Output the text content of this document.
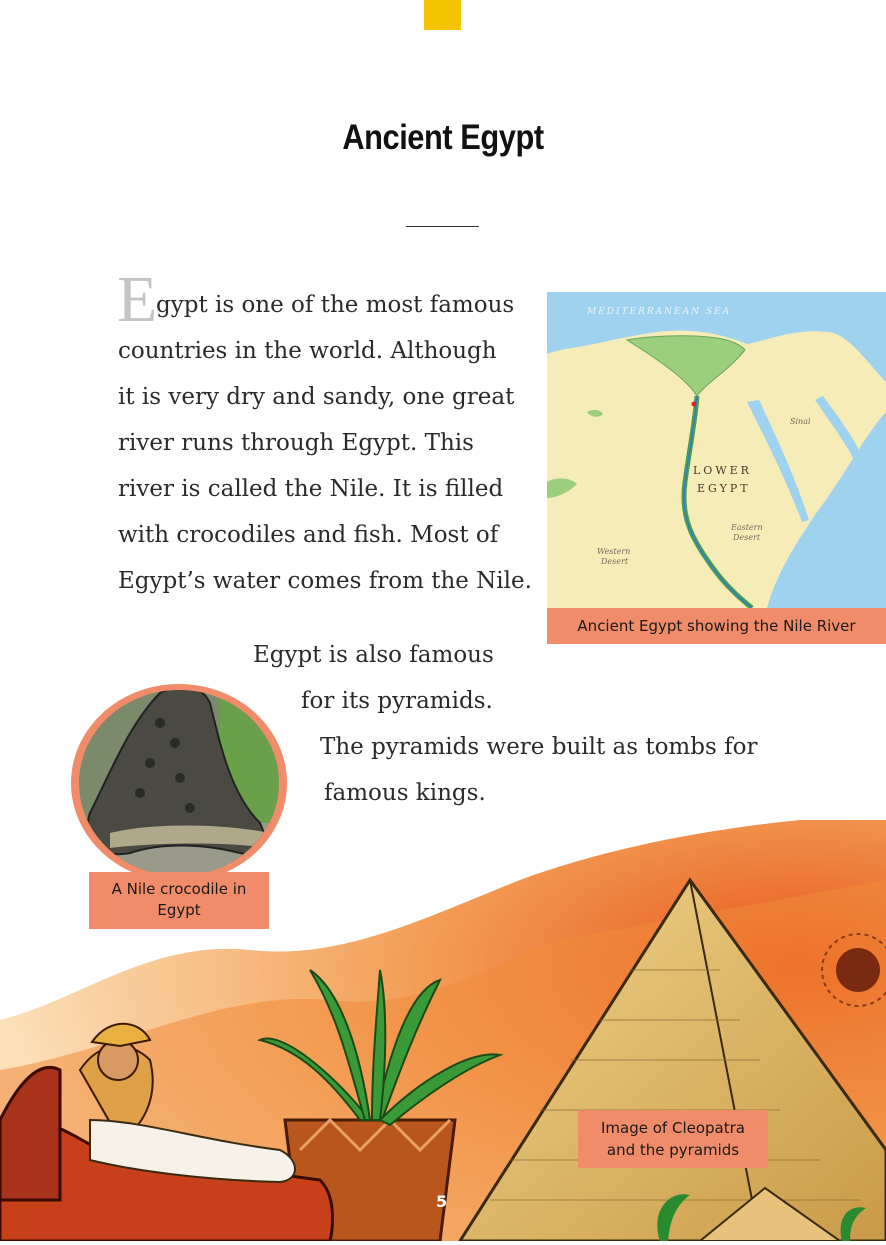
Ancient Egypt
E
gypt is one of the most famous
countries in the world. Although
it is very dry and sandy, one great
river runs through Egypt. This
river is called the Nile. It is filled
with crocodiles and fish. Most of
Egypt’s water comes from the Nile.
MEDITERRANEAN SEA
LOWER
EGYPT
Sinai
Eastern
Desert
Western
Desert
Ancient Egypt showing the Nile River
Egypt is also famous
for its pyramids.
The pyramids were built as tombs for
famous kings.
A Nile crocodile in
Egypt
Image of Cleopatra
and the pyramids
5
